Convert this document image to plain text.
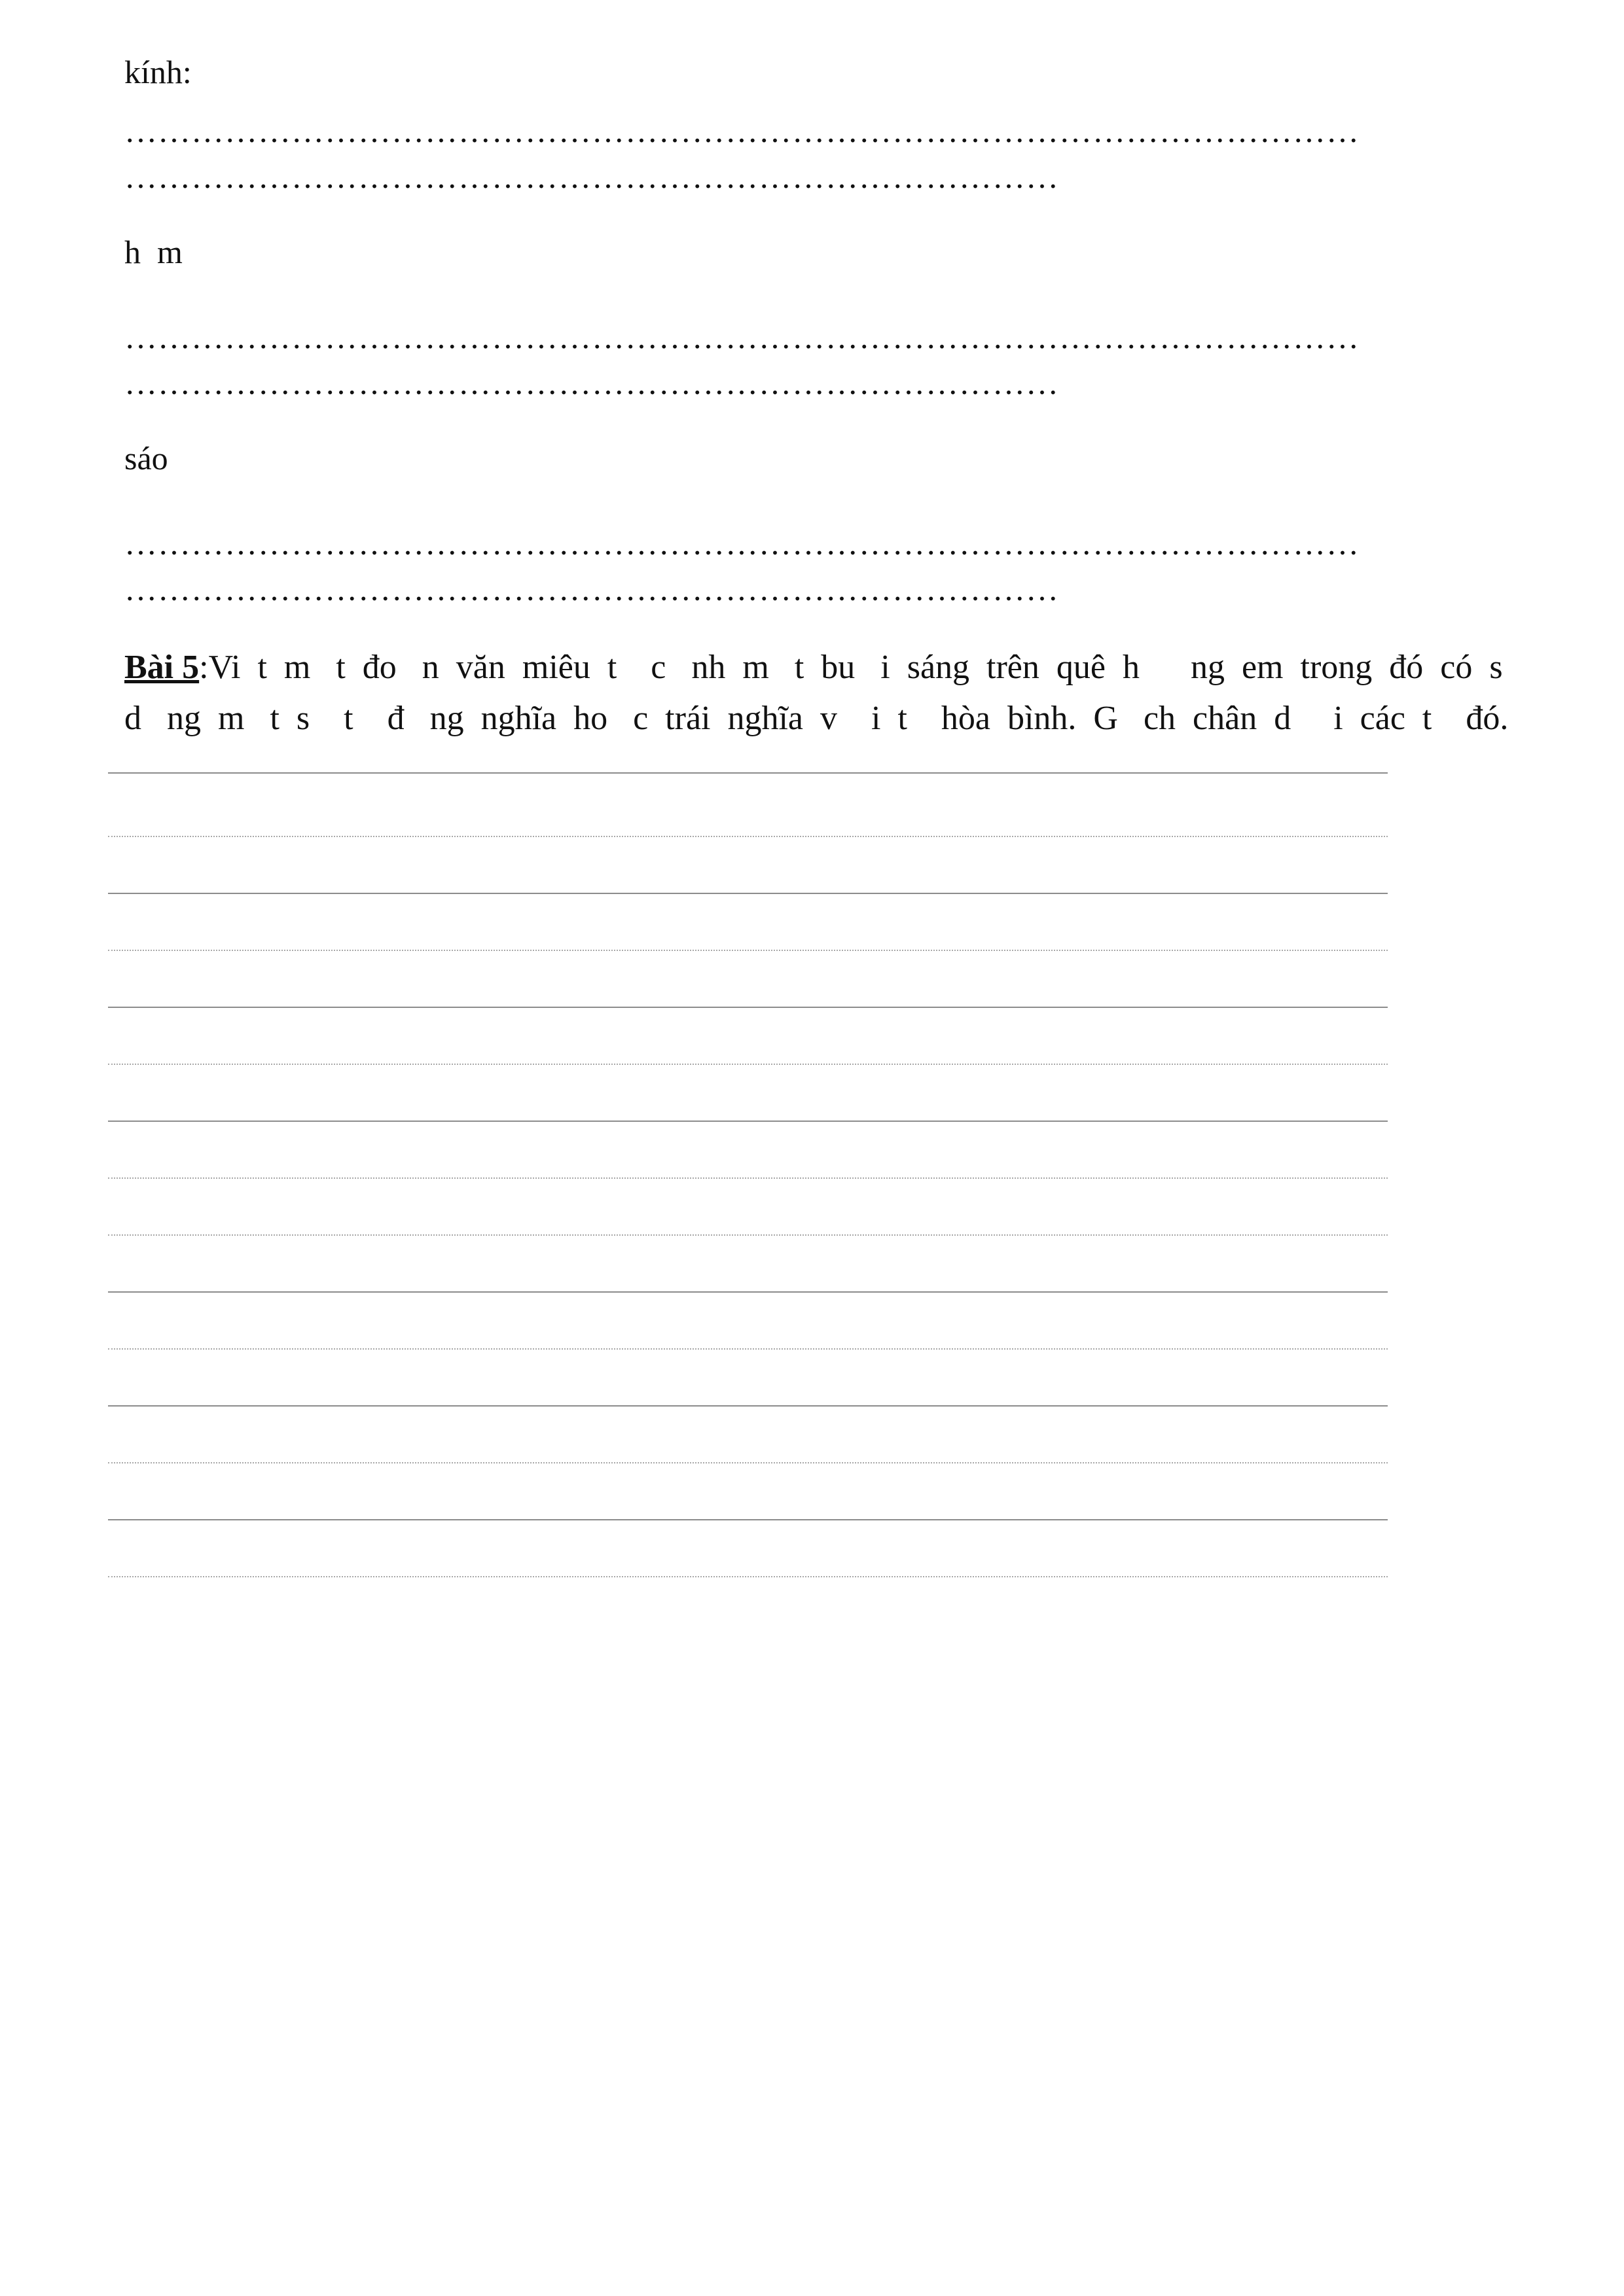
kính:
…………………………………………………………………………………………………
…………………………………………………………………………
h  m
…………………………………………………………………………………………………
…………………………………………………………………………
sáo
…………………………………………………………………………………………………
…………………………………………………………………………
Bài 5:Vi  t  m   t  đo   n  văn  miêu  t    c   nh  m   t  bu   i  sáng  trên  quê  h      ng  em  trong  đó  có  s
d   ng  m   t  s    t    đ   ng  nghĩa  ho   c  trái  nghĩa  v    i  t    hòa  bình.  G   ch  chân  d     i  các  t    đó.
